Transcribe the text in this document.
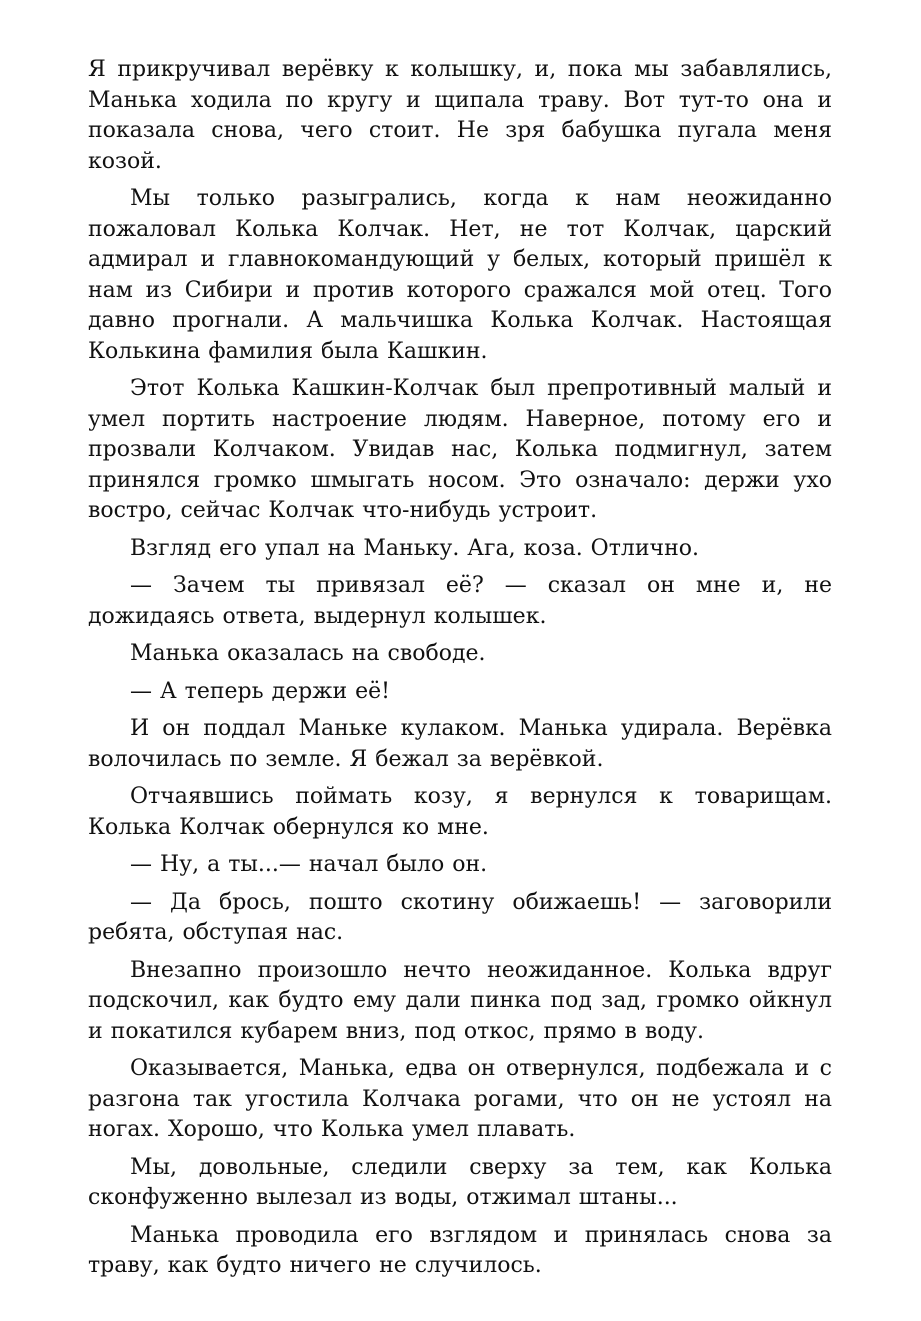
Я прикручивал верёвку к колышку, и, пока мы забавлялись, Манька ходила по кругу и щипала траву. Вот тут-то она и показала снова, чего стоит. Не зря бабушка пугала меня козой.

Мы только разыгрались, когда к нам неожиданно пожаловал Колька Колчак. Нет, не тот Колчак, царский адмирал и главнокомандующий у белых, который пришёл к нам из Сибири и против которого сражался мой отец. Того давно прогнали. А мальчишка Колька Колчак. Настоящая Колькина фамилия была Кашкин.

Этот Колька Кашкин-Колчак был препротивный малый и умел портить настроение людям. Наверное, потому его и прозвали Колчаком. Увидав нас, Колька подмигнул, затем принялся громко шмыгать носом. Это означало: держи ухо востро, сейчас Колчак что-нибудь устроит.

Взгляд его упал на Маньку. Ага, коза. Отлично.

— Зачем ты привязал её? — сказал он мне и, не дожидаясь ответа, выдернул колышек.

Манька оказалась на свободе.

— А теперь держи её!

И он поддал Маньке кулаком. Манька удирала. Верёвка волочилась по земле. Я бежал за верёвкой.

Отчаявшись поймать козу, я вернулся к товарищам. Колька Колчак обернулся ко мне.

— Ну, а ты...— начал было он.

— Да брось, пошто скотину обижаешь! — заговорили ребята, обступая нас.

Внезапно произошло нечто неожиданное. Колька вдруг подскочил, как будто ему дали пинка под зад, громко ойкнул и покатился кубарем вниз, под откос, прямо в воду.

Оказывается, Манька, едва он отвернулся, подбежала и с разгона так угостила Колчака рогами, что он не устоял на ногах. Хорошо, что Колька умел плавать.

Мы, довольные, следили сверху за тем, как Колька сконфуженно вылезал из воды, отжимал штаны...

Манька проводила его взглядом и принялась снова за траву, как будто ничего не случилось.
